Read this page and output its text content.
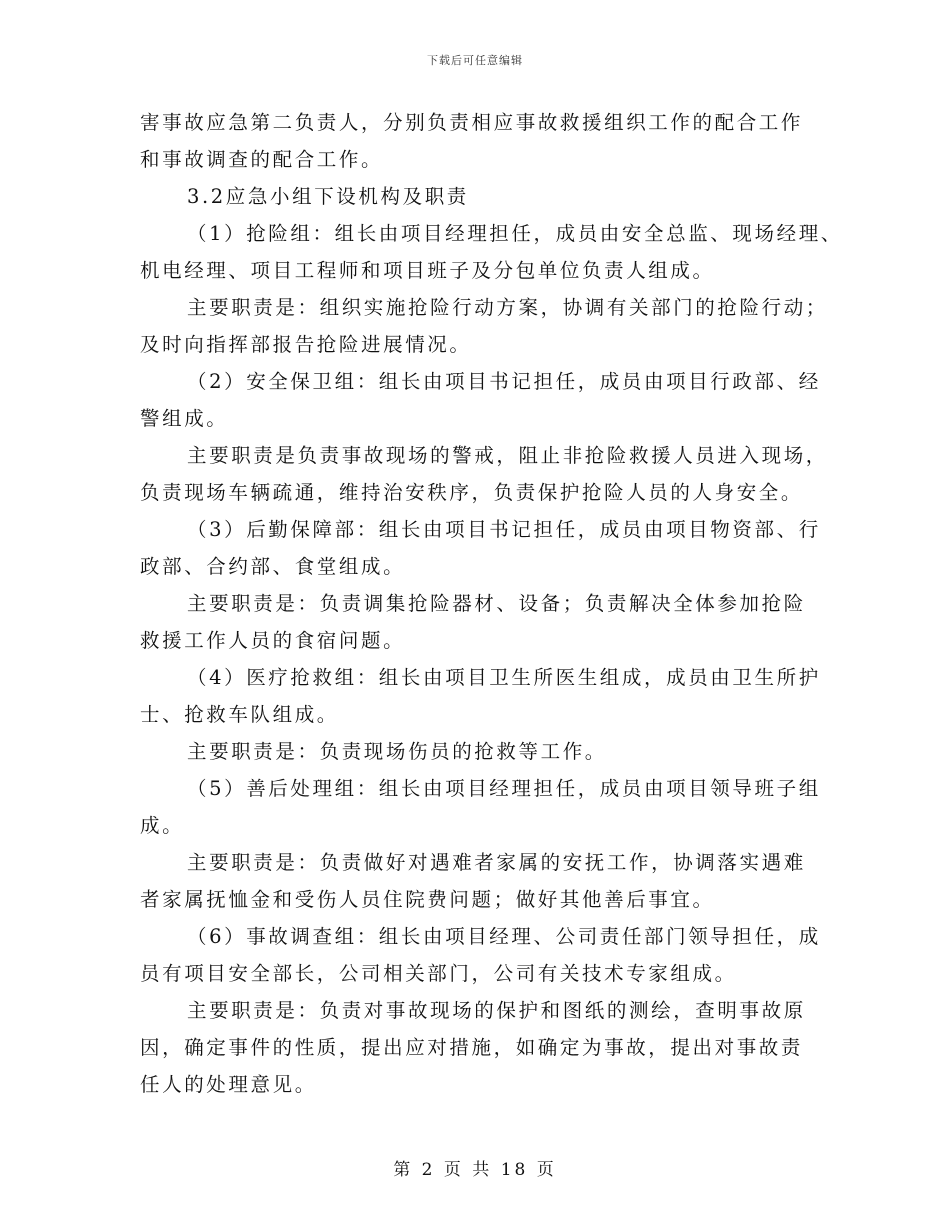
下载后可任意编辑
害事故应急第二负责人，分别负责相应事故救援组织工作的配合工作
和事故调查的配合工作。
3.2应急小组下设机构及职责
（1）抢险组：组长由项目经理担任，成员由安全总监、现场经理、
机电经理、项目工程师和项目班子及分包单位负责人组成。
主要职责是：组织实施抢险行动方案，协调有关部门的抢险行动；
及时向指挥部报告抢险进展情况。
（2）安全保卫组：组长由项目书记担任，成员由项目行政部、经
警组成。
主要职责是负责事故现场的警戒，阻止非抢险救援人员进入现场，
负责现场车辆疏通，维持治安秩序，负责保护抢险人员的人身安全。
（3）后勤保障部：组长由项目书记担任，成员由项目物资部、行
政部、合约部、食堂组成。
主要职责是：负责调集抢险器材、设备；负责解决全体参加抢险
救援工作人员的食宿问题。
（4）医疗抢救组：组长由项目卫生所医生组成，成员由卫生所护
士、抢救车队组成。
主要职责是：负责现场伤员的抢救等工作。
（5）善后处理组：组长由项目经理担任，成员由项目领导班子组
成。
主要职责是：负责做好对遇难者家属的安抚工作，协调落实遇难
者家属抚恤金和受伤人员住院费问题；做好其他善后事宜。
（6）事故调查组：组长由项目经理、公司责任部门领导担任，成
员有项目安全部长，公司相关部门，公司有关技术专家组成。
主要职责是：负责对事故现场的保护和图纸的测绘，查明事故原
因，确定事件的性质，提出应对措施，如确定为事故，提出对事故责
任人的处理意见。
第 2 页 共 18 页
